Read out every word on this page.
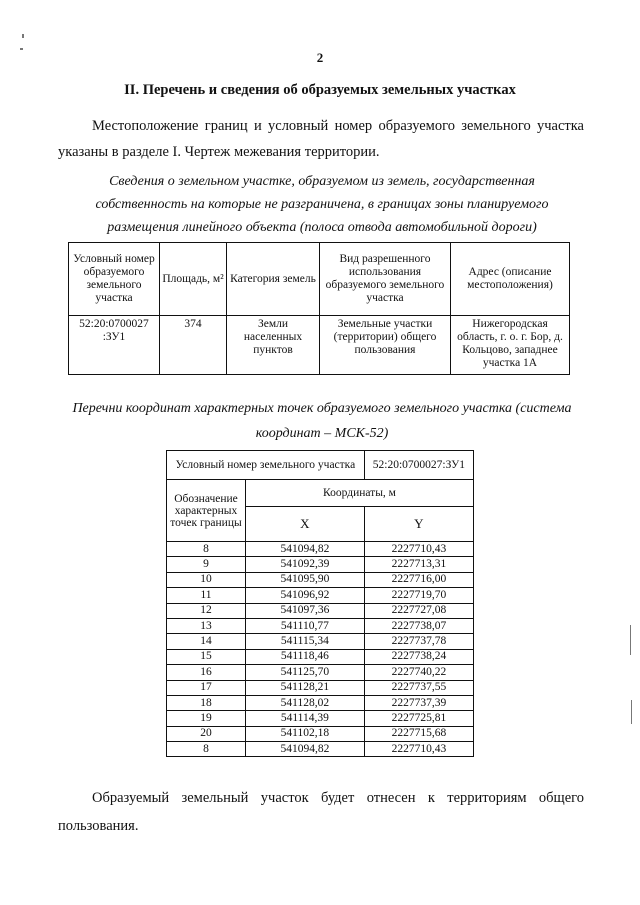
2
II. Перечень и сведения об образуемых земельных участках
Местоположение границ и условный номер образуемого земельного участка указаны в разделе I. Чертеж межевания территории.
Сведения о земельном участке, образуемом из земель, государственная собственность на которые не разграничена, в границах зоны планируемого размещения линейного объекта (полоса отвода автомобильной дороги)
Условный номер образуемого земельного участка	Площадь, м²	Категория земель	Вид разрешенного использования образуемого земельного участка	Адрес (описание местоположения)
52:20:0700027 :ЗУ1	374	Земли населенных пунктов	Земельные участки (территории) общего пользования	Нижегородская область, г. о. г. Бор, д. Кольцово, западнее участка 1А
Перечни координат характерных точек образуемого земельного участка (система координат – МСК-52)
Условный номер земельного участка		52:20:0700027:ЗУ1
Обозначение характерных точек границы	Координаты, м	
	X	Y
8	541094,82	2227710,43
9	541092,39	2227713,31
10	541095,90	2227716,00
11	541096,92	2227719,70
12	541097,36	2227727,08
13	541110,77	2227738,07
14	541115,34	2227737,78
15	541118,46	2227738,24
16	541125,70	2227740,22
17	541128,21	2227737,55
18	541128,02	2227737,39
19	541114,39	2227725,81
20	541102,18	2227715,68
8	541094,82	2227710,43
Образуемый земельный участок будет отнесен к территориям общего пользования.
